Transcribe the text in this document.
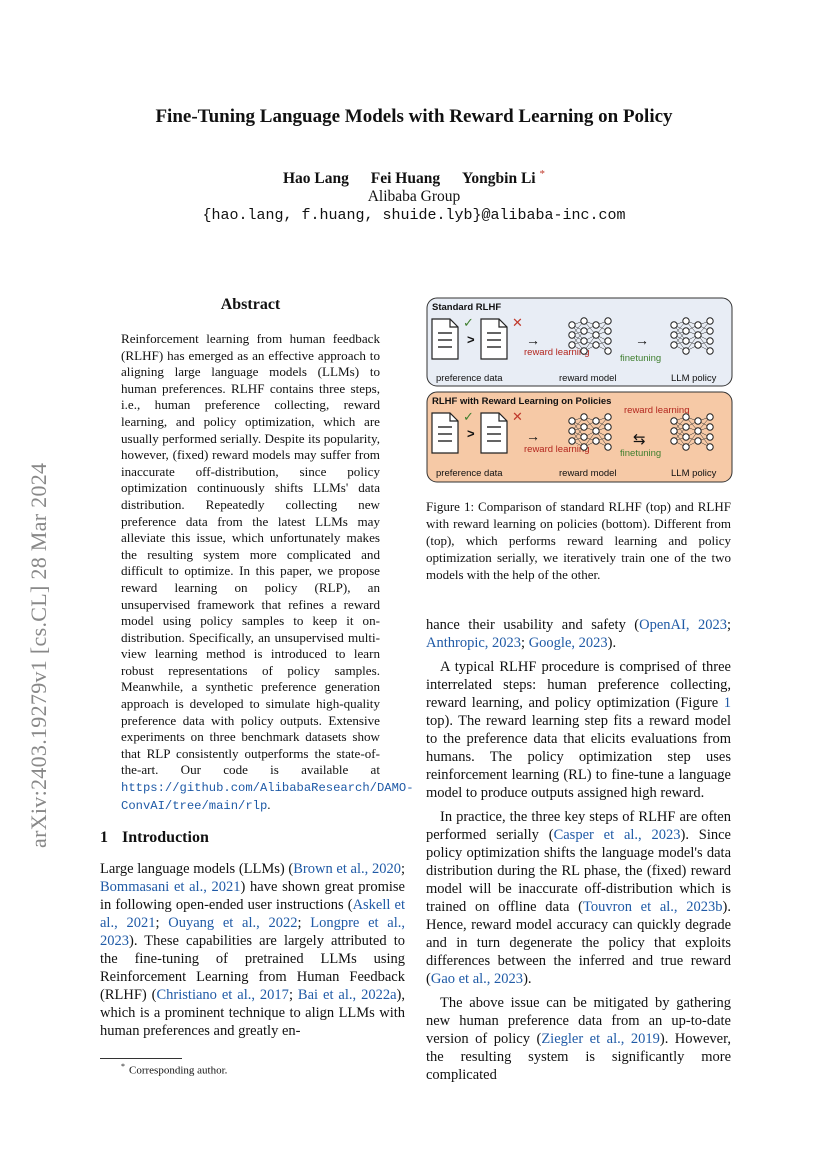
arXiv:2403.19279v1 [cs.CL] 28 Mar 2024
Fine-Tuning Language Models with Reward Learning on Policy
Hao Lang Fei Huang Yongbin Li *
Alibaba Group
{hao.lang, f.huang, shuide.lyb}@alibaba-inc.com
Abstract
Reinforcement learning from human feedback (RLHF) has emerged as an effective approach to aligning large language models (LLMs) to human preferences. RLHF contains three steps, i.e., human preference collecting, reward learning, and policy optimization, which are usually performed serially. Despite its popularity, however, (fixed) reward models may suffer from inaccurate off-distribution, since policy optimization continuously shifts LLMs' data distribution. Repeatedly collecting new preference data from the latest LLMs may alleviate this issue, which unfortunately makes the resulting system more complicated and difficult to optimize. In this paper, we propose reward learning on policy (RLP), an unsupervised framework that refines a reward model using policy samples to keep it on-distribution. Specifically, an unsupervised multi-view learning method is introduced to learn robust representations of policy samples. Meanwhile, a synthetic preference generation approach is developed to simulate high-quality preference data with policy outputs. Extensive experiments on three benchmark datasets show that RLP consistently outperforms the state-of-the-art. Our code is available at https://github.com/AlibabaResearch/DAMO-ConvAI/tree/main/rlp.
1 Introduction
Large language models (LLMs) (Brown et al., 2020; Bommasani et al., 2021) have shown great promise in following open-ended user instructions (Askell et al., 2021; Ouyang et al., 2022; Longpre et al., 2023). These capabilities are largely attributed to the fine-tuning of pretrained LLMs using Reinforcement Learning from Human Feedback (RLHF) (Christiano et al., 2017; Bai et al., 2022a), which is a prominent technique to align LLMs with human preferences and greatly en-
* Corresponding author.
Standard RLHF
✓
>
✕
→
reward learning
→
finetuning
preference data	reward model	LLM policy
RLHF with Reward Learning on Policies
✓
>
✕
→
reward learning
reward learning
⇆
finetuning
preference data	reward model	LLM policy
Figure 1: Comparison of standard RLHF (top) and RLHF with reward learning on policies (bottom). Different from (top), which performs reward learning and policy optimization serially, we iteratively train one of the two models with the help of the other.

hance their usability and safety (OpenAI, 2023; Anthropic, 2023; Google, 2023).

A typical RLHF procedure is comprised of three interrelated steps: human preference collecting, reward learning, and policy optimization (Figure 1 top). The reward learning step fits a reward model to the preference data that elicits evaluations from humans. The policy optimization step uses reinforcement learning (RL) to fine-tune a language model to produce outputs assigned high reward.

In practice, the three key steps of RLHF are often performed serially (Casper et al., 2023). Since policy optimization shifts the language model's data distribution during the RL phase, the (fixed) reward model will be inaccurate off-distribution which is trained on offline data (Touvron et al., 2023b). Hence, reward model accuracy can quickly degrade and in turn degenerate the policy that exploits differences between the inferred and true reward (Gao et al., 2023).

The above issue can be mitigated by gathering new human preference data from an up-to-date version of policy (Ziegler et al., 2019). However, the resulting system is significantly more complicated
